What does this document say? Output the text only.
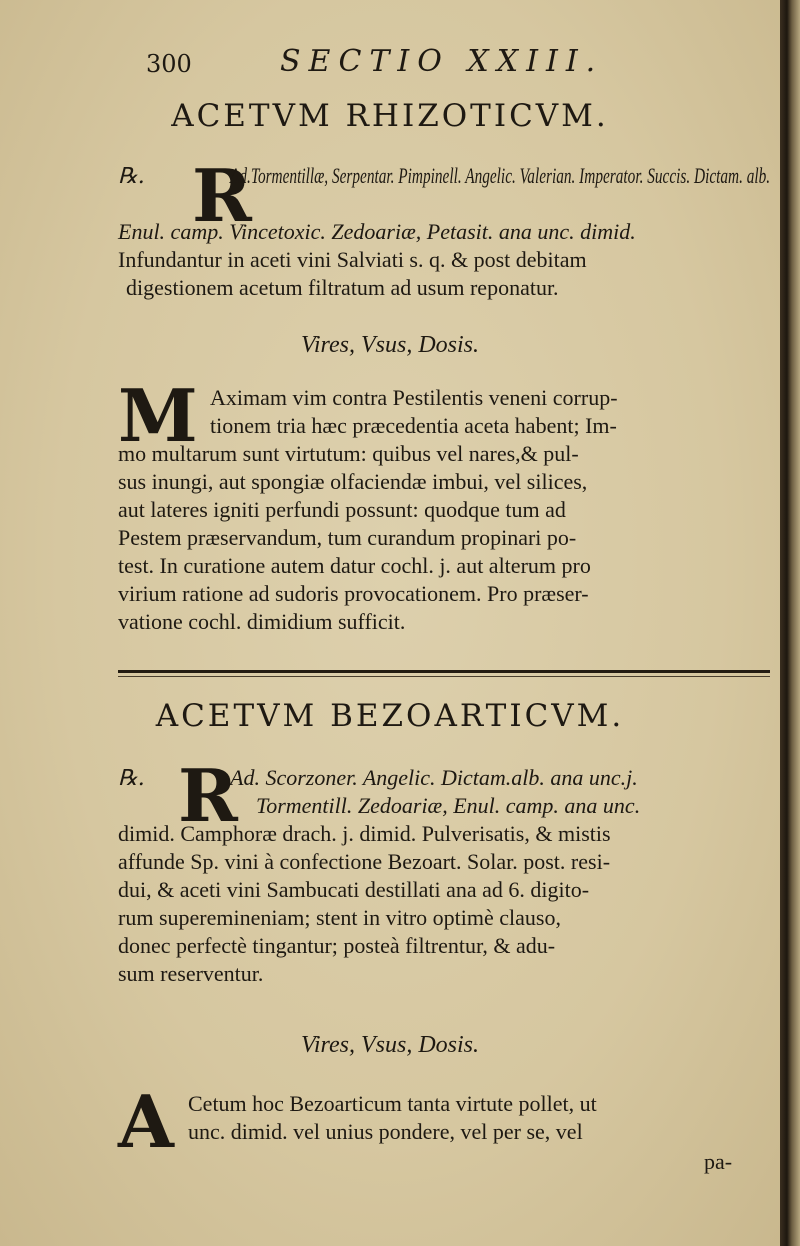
300	SECTIO XXIII.
ACETVM RHIZOTICVM.
℞. R
Ad.Tormentillæ, Serpentar. Pimpinell. Angelic. Valerian. Imperator. Succis. Dictam. alb.
Enul. camp. Vincetoxic. Zedoariæ, Petasit. ana unc. dimid.
Infundantur in aceti vini Salviati s. q. & post debitam
digestionem acetum filtratum ad usum reponatur.
Vires, Vsus, Dosis.
M Aximam vim contra Pestilentis veneni corrup-
tionem tria hæc præcedentia aceta habent; Im-
mo multarum sunt virtutum: quibus vel nares,& pul-
sus inungi, aut spongiæ olfaciendæ imbui, vel silices,
aut lateres igniti perfundi possunt: quodque tum ad
Pestem præservandum, tum curandum propinari po-
test. In curatione autem datur cochl. j. aut alterum pro
virium ratione ad sudoris provocationem. Pro præser-
vatione cochl. dimidium sufficit.
ACETVM BEZOARTICVM.
℞. R
Ad. Scorzoner. Angelic. Dictam.alb. ana unc.j.
Tormentill. Zedoariæ, Enul. camp. ana unc.
dimid. Camphoræ drach. j. dimid. Pulverisatis, & mistis
affunde Sp. vini à confectione Bezoart. Solar. post. resi-
dui, & aceti vini Sambucati destillati ana ad 6. digito-
rum superemineniam; stent in vitro optimè clauso,
donec perfectè tingantur; posteà filtrentur, & adu-
sum reserventur.
Vires, Vsus, Dosis.
A Cetum hoc Bezoarticum tanta virtute pollet, ut
unc. dimid. vel unius pondere, vel per se, vel
pa-
